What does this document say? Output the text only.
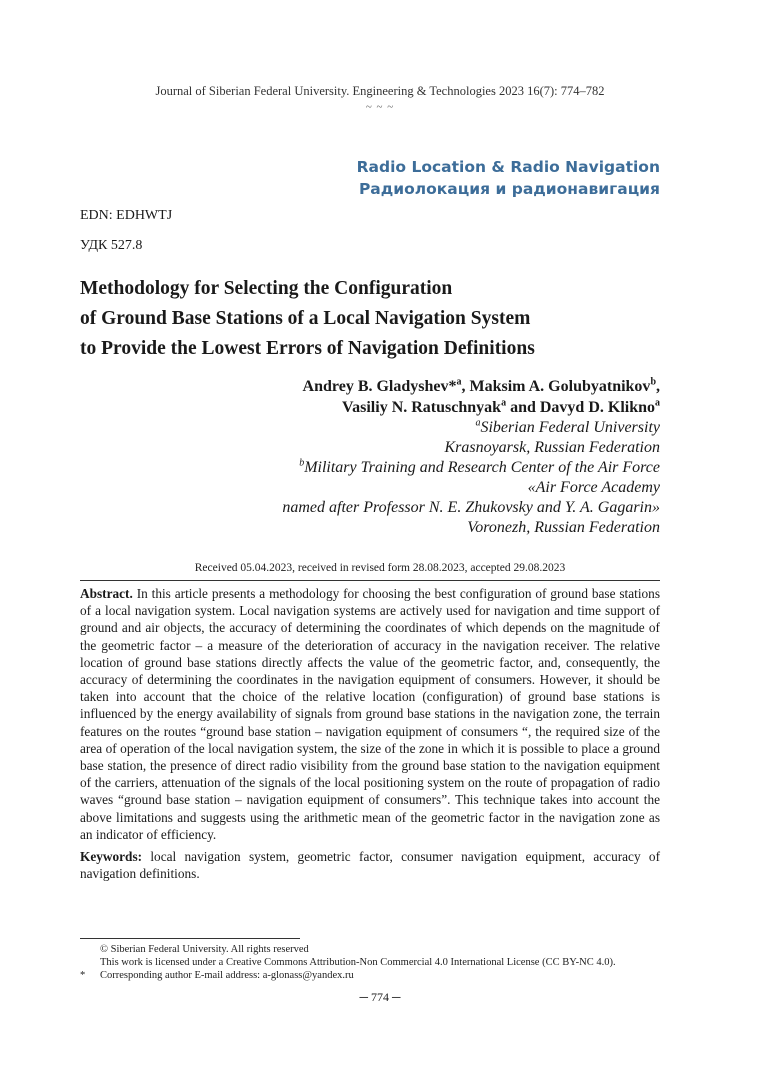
Journal of Siberian Federal University. Engineering & Technologies 2023 16(7): 774–782
~ ~ ~
Radio Location & Radio Navigation
Радиолокация и радионавигация
EDN: EDHWTJ
УДК 527.8
Methodology for Selecting the Configuration
of Ground Base Stations of a Local Navigation System
to Provide the Lowest Errors of Navigation Definitions
Andrey B. Gladyshev*$^a$, Maksim A. Golubyatnikov$^b$,
Vasiliy N. Ratuschnyak$^a$ and Davyd D. Klikno$^a$
$^a$Siberian Federal University
Krasnoyarsk, Russian Federation
$^b$Military Training and Research Center of the Air Force
«Air Force Academy
named after Professor N. E. Zhukovsky and Y. A. Gagarin»
Voronezh, Russian Federation
Received 05.04.2023, received in revised form 28.08.2023, accepted 29.08.2023
Abstract. In this article presents a methodology for choosing the best configuration of ground base stations of a local navigation system. Local navigation systems are actively used for navigation and time support of ground and air objects, the accuracy of determining the coordinates of which depends on the magnitude of the geometric factor – a measure of the deterioration of accuracy in the navigation receiver. The relative location of ground base stations directly affects the value of the geometric factor, and, consequently, the accuracy of determining the coordinates in the navigation equipment of consumers. However, it should be taken into account that the choice of the relative location (configuration) of ground base stations is influenced by the energy availability of signals from ground base stations in the navigation zone, the terrain features on the routes “ground base station – navigation equipment of consumers “, the required size of the area of operation of the local navigation system, the size of the zone in which it is possible to place a ground base station, the presence of direct radio visibility from the ground base station to the navigation equipment of the carriers, attenuation of the signals of the local positioning system on the route of propagation of radio waves “ground base station – navigation equipment of consumers”. This technique takes into account the above limitations and suggests using the arithmetic mean of the geometric factor in the navigation zone as an indicator of efficiency.
Keywords: local navigation system, geometric factor, consumer navigation equipment, accuracy of navigation definitions.
© Siberian Federal University. All rights reserved
This work is licensed under a Creative Commons Attribution-Non Commercial 4.0 International License (CC BY-NC 4.0).
* Corresponding author E-mail address: a-glonass@yandex.ru
─ 774 ─
